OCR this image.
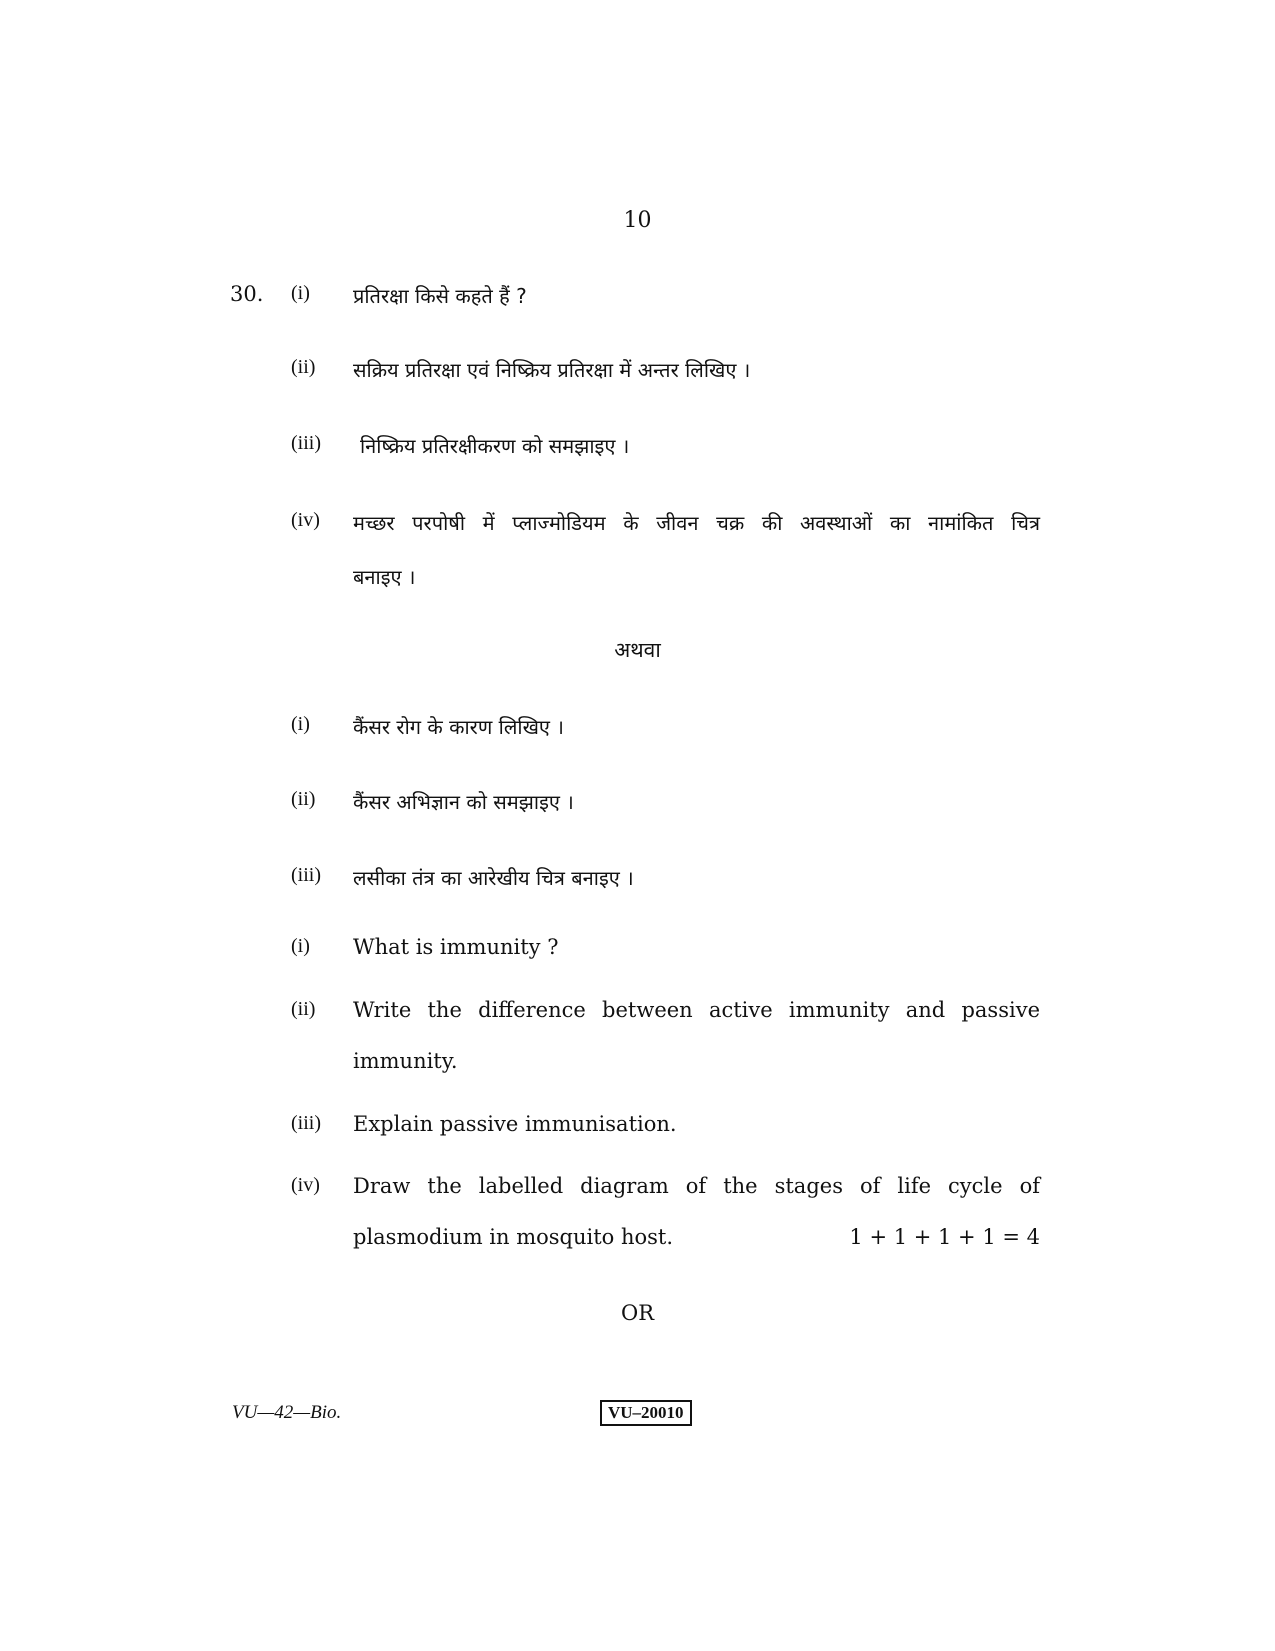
10
30. (i) प्रतिरक्षा किसे कहते हैं ?
(ii) सक्रिय प्रतिरक्षा एवं निष्क्रिय प्रतिरक्षा में अन्तर लिखिए ।
(iii) निष्क्रिय प्रतिरक्षीकरण को समझाइए ।
(iv) मच्छर परपोषी में प्लाज्मोडियम के जीवन चक्र की अवस्थाओं का नामांकित चित्र
बनाइए ।
अथवा
(i) कैंसर रोग के कारण लिखिए ।
(ii) कैंसर अभिज्ञान को समझाइए ।
(iii) लसीका तंत्र का आरेखीय चित्र बनाइए ।
(i) What is immunity ?
(ii) Write the difference between active immunity and passive
immunity.
(iii) Explain passive immunisation.
(iv) Draw the labelled diagram of the stages of life cycle of
plasmodium in mosquito host.	1 + 1 + 1 + 1 = 4
OR
VU—42—Bio.	VU–20010
